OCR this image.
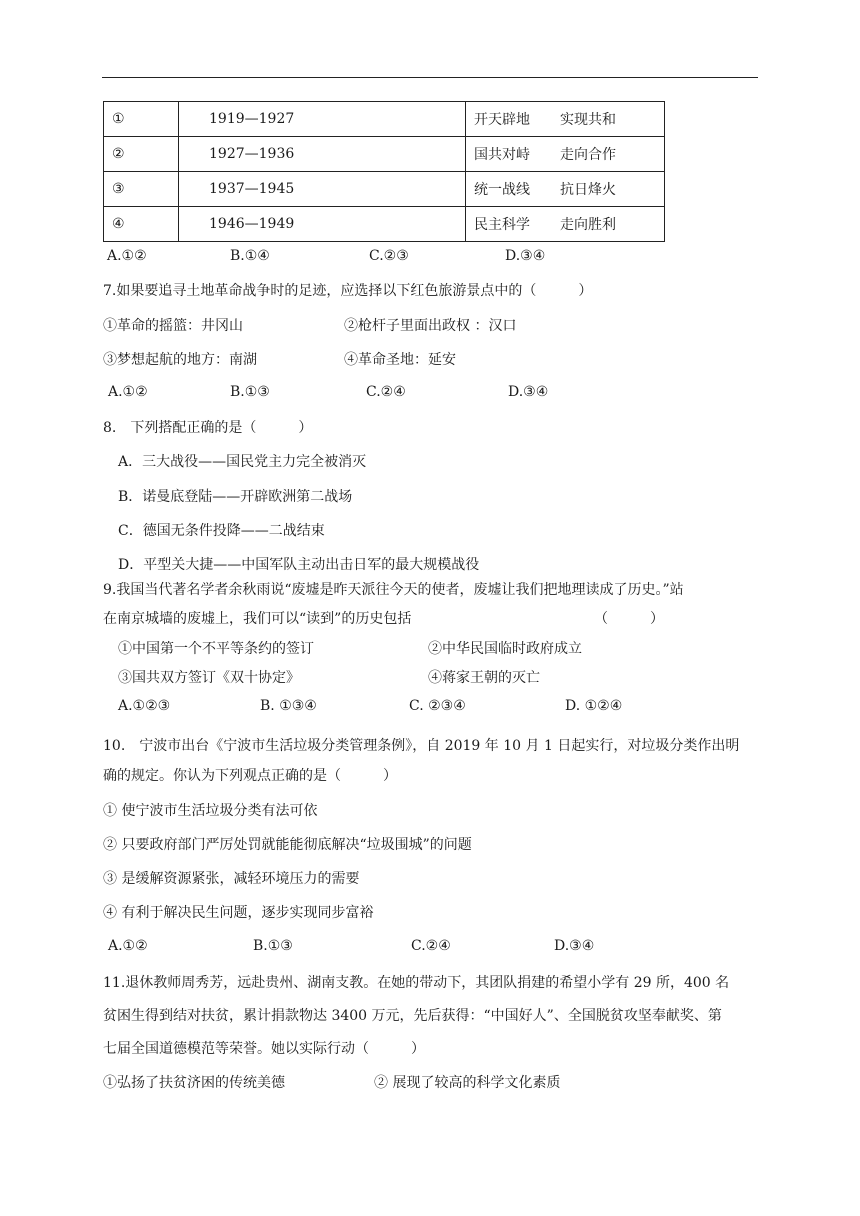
①	1919—1927	开天辟地 实现共和
②	1927—1936	国共对峙 走向合作
③	1937—1945	统一战线 抗日烽火
④	1946—1949	民主科学 走向胜利
A.①②	B.①④	C.②③	D.③④
7.如果要追寻土地革命战争时的足迹，应选择以下红色旅游景点中的（　　　）
①革命的摇篮：井冈山	②枪杆子里面出政权 ：汉口
③梦想起航的地方：南湖	④革命圣地：延安
A.①②	B.①③	C.②④	D.③④
8.　下列搭配正确的是（　　　）
A．三大战役——国民党主力完全被消灭
B．诺曼底登陆——开辟欧洲第二战场
C．德国无条件投降——二战结束
D．平型关大捷——中国军队主动出击日军的最大规模战役
9.我国当代著名学者余秋雨说“废墟是昨天派往今天的使者，废墟让我们把地理读成了历史。”站
在南京城墙的废墟上，我们可以“读到”的历史包括	（　　　）
①中国第一个不平等条约的签订	②中华民国临时政府成立
③国共双方签订《双十协定》	④蒋家王朝的灭亡
A.①②③	B. ①③④	C. ②③④	D. ①②④
10.　宁波市出台《宁波市生活垃圾分类管理条例》，自 2019 年 10 月 1 日起实行，对垃圾分类作出明
确的规定。你认为下列观点正确的是（　　　）
① 使宁波市生活垃圾分类有法可依
② 只要政府部门严厉处罚就能能彻底解决“垃圾围城”的问题
③ 是缓解资源紧张，减轻环境压力的需要
④ 有利于解决民生问题，逐步实现同步富裕
A.①②	B.①③	C.②④	D.③④
11.退休教师周秀芳，远赴贵州、湖南支教。在她的带动下，其团队捐建的希望小学有 29 所，400 名
贫困生得到结对扶贫，累计捐款物达 3400 万元，先后获得：“中国好人”、全国脱贫攻坚奉献奖、第
七届全国道德模范等荣誉。她以实际行动（　　　）
①弘扬了扶贫济困的传统美德	② 展现了较高的科学文化素质
